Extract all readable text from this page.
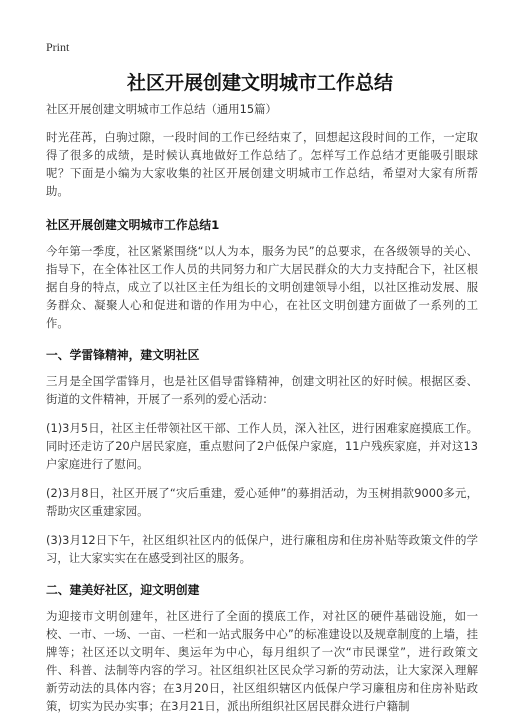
Print
社区开展创建文明城市工作总结

社区开展创建文明城市工作总结（通用15篇）

时光荏苒，白驹过隙，一段时间的工作已经结束了，回想起这段时间的工作，一定取得了很多的成绩，是时候认真地做好工作总结了。怎样写工作总结才更能吸引眼球呢？下面是小编为大家收集的社区开展创建文明城市工作总结，希望对大家有所帮助。

社区开展创建文明城市工作总结1

今年第一季度，社区紧紧围绕“以人为本，服务为民”的总要求，在各级领导的关心、指导下，在全体社区工作人员的共同努力和广大居民群众的大力支持配合下，社区根据自身的特点，成立了以社区主任为组长的文明创建领导小组，以社区推动发展、服务群众、凝聚人心和促进和谐的作用为中心，在社区文明创建方面做了一系列的工作。

一、学雷锋精神，建文明社区

三月是全国学雷锋月，也是社区倡导雷锋精神，创建文明社区的好时候。根据区委、街道的文件精神，开展了一系列的爱心活动：

(1)3月5日，社区主任带领社区干部、工作人员，深入社区，进行困难家庭摸底工作。同时还走访了20户居民家庭，重点慰问了2户低保户家庭，11户残疾家庭，并对这13户家庭进行了慰问。

(2)3月8日，社区开展了“灾后重建，爱心延伸”的募捐活动，为玉树捐款9000多元，帮助灾区重建家园。

(3)3月12日下午，社区组织社区内的低保户，进行廉租房和住房补贴等政策文件的学习，让大家实实在在感受到社区的服务。

二、建美好社区，迎文明创建

为迎接市文明创建年，社区进行了全面的摸底工作，对社区的硬件基础设施，如一校、一市、一场、一亩、一栏和一站式服务中心”的标准建设以及规章制度的上墙，挂牌等；社区还以文明年、奥运年为中心，每月组织了一次“市民课堂”，进行政策文件、科普、法制等内容的学习。社区组织社区民众学习新的劳动法，让大家深入理解新劳动法的具体内容；在3月20日，社区组织辖区内低保户学习廉租房和住房补贴政策，切实为民办实事；在3月21日，派出所组织社区居民群众进行户籍制
